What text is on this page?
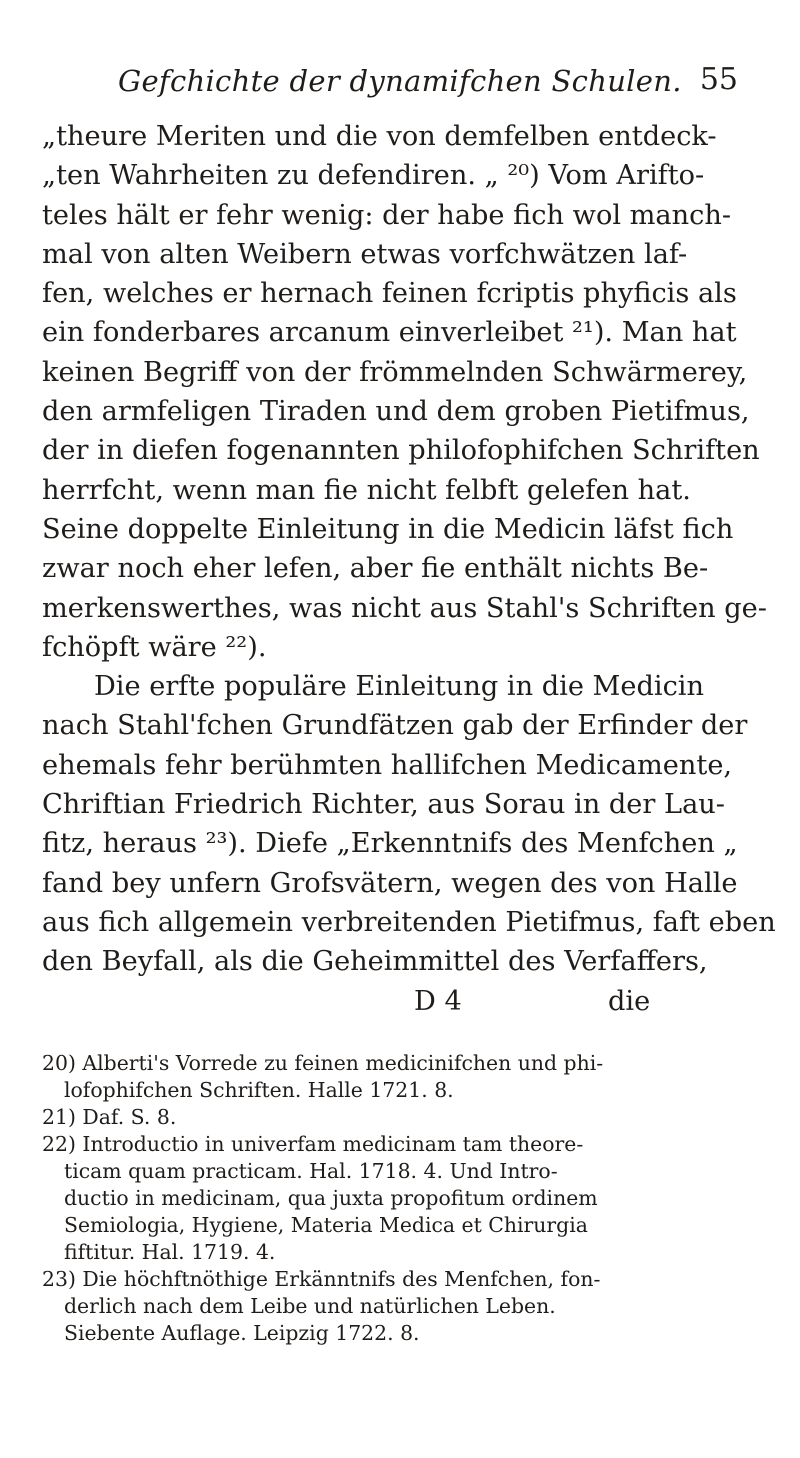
Gefchichte der dynamifchen Schulen. 55
„theure Meriten und die von demfelben entdeck-
„ten Wahrheiten zu defendiren. „ ²⁰) Vom Arifto-
teles hält er fehr wenig: der habe fich wol manch-
mal von alten Weibern etwas vorfchwätzen laf-
fen, welches er hernach feinen fcriptis phyficis als
ein fonderbares arcanum einverleibet ²¹). Man hat
keinen Begriff von der frömmelnden Schwärmerey,
den armfeligen Tiraden und dem groben Pietifmus,
der in diefen fogenannten philofophifchen Schriften
herrfcht, wenn man fie nicht felbft gelefen hat.
Seine doppelte Einleitung in die Medicin läfst fich
zwar noch eher lefen, aber fie enthält nichts Be-
merkenswerthes, was nicht aus Stahl's Schriften ge-
fchöpft wäre ²²).
Die erfte populäre Einleitung in die Medicin
nach Stahl'fchen Grundfätzen gab der Erfinder der
ehemals fehr berühmten hallifchen Medicamente,
Chriftian Friedrich Richter, aus Sorau in der Lau-
fitz, heraus ²³). Diefe „Erkenntnifs des Menfchen „
fand bey unfern Grofsvätern, wegen des von Halle
aus fich allgemein verbreitenden Pietifmus, faft eben
den Beyfall, als die Geheimmittel des Verfaffers,
D 4	die
20) Alberti's Vorrede zu feinen medicinifchen und phi-
lofophifchen Schriften. Halle 1721. 8.
21) Daf. S. 8.
22) Introductio in univerfam medicinam tam theore-
ticam quam practicam. Hal. 1718. 4. Und Intro-
ductio in medicinam, qua juxta propofitum ordinem
Semiologia, Hygiene, Materia Medica et Chirurgia
fiftitur. Hal. 1719. 4.
23) Die höchftnöthige Erkänntnifs des Menfchen, fon-
derlich nach dem Leibe und natürlichen Leben.
Siebente Auflage. Leipzig 1722. 8.
